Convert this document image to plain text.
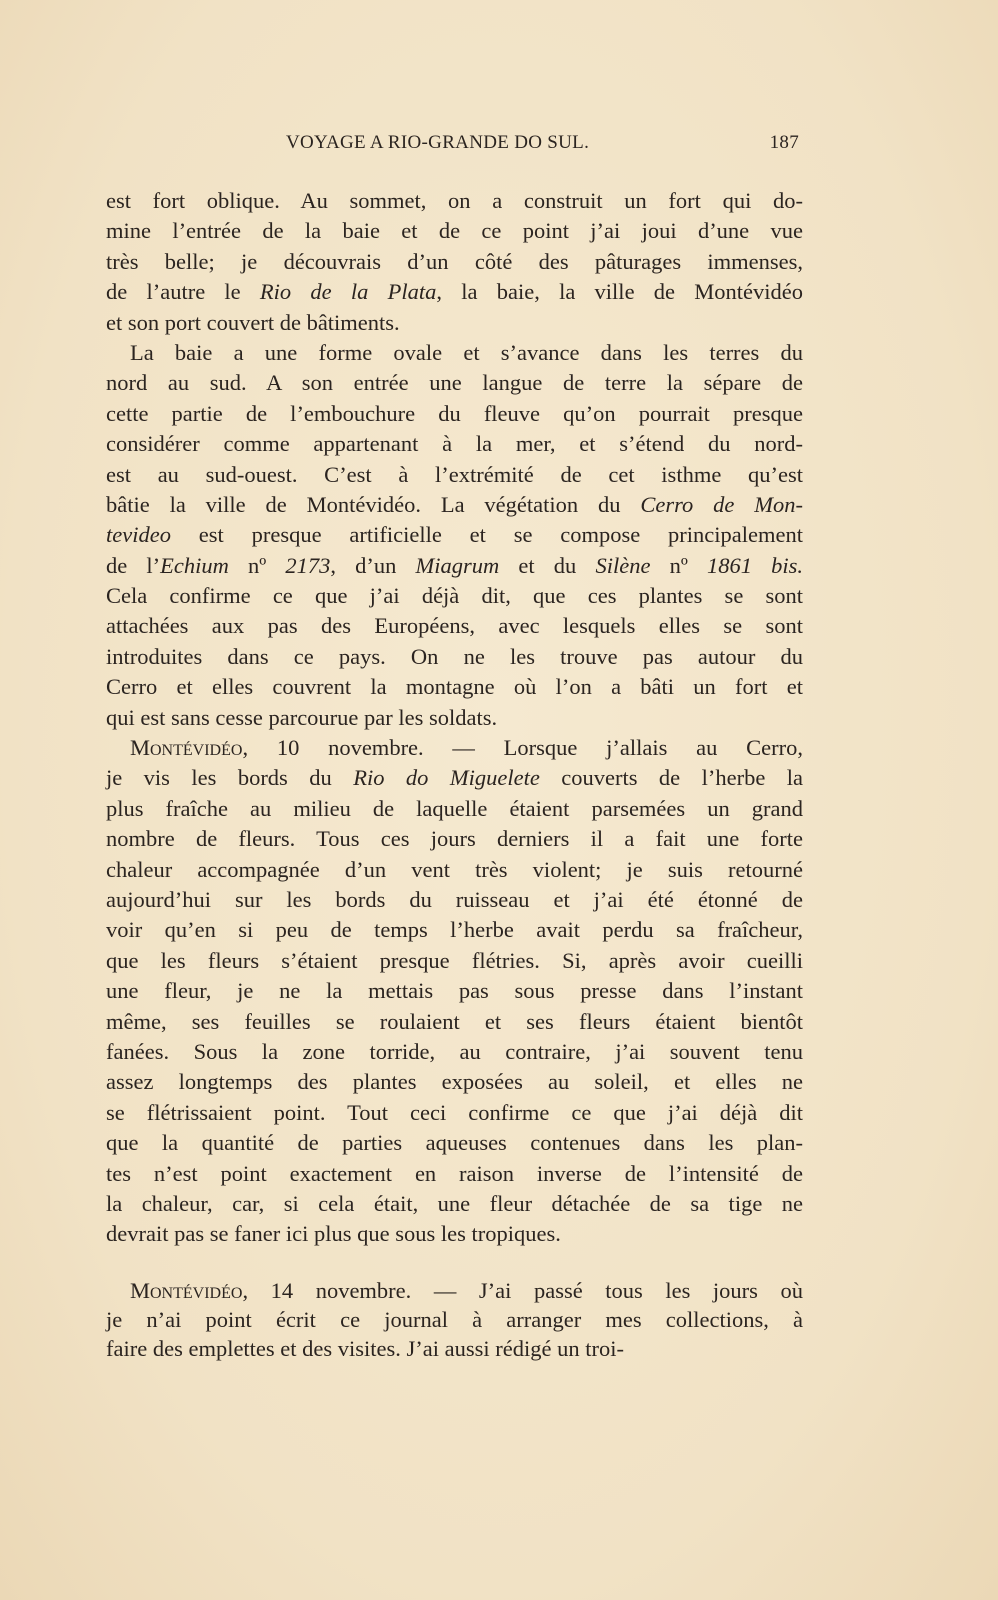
VOYAGE A RIO-GRANDE DO SUL.	187
est fort oblique. Au sommet, on a construit un fort qui do-
mine l’entrée de la baie et de ce point j’ai joui d’une vue
très belle; je découvrais d’un côté des pâturages immenses,
de l’autre le Rio de la Plata, la baie, la ville de Montévidéo
et son port couvert de bâtiments.
La baie a une forme ovale et s’avance dans les terres du
nord au sud. A son entrée une langue de terre la sépare de
cette partie de l’embouchure du fleuve qu’on pourrait presque
considérer comme appartenant à la mer, et s’étend du nord-
est au sud-ouest. C’est à l’extrémité de cet isthme qu’est
bâtie la ville de Montévidéo. La végétation du Cerro de Mon-
tevideo est presque artificielle et se compose principalement
de l’Echium nº 2173, d’un Miagrum et du Silène nº 1861 bis.
Cela confirme ce que j’ai déjà dit, que ces plantes se sont
attachées aux pas des Européens, avec lesquels elles se sont
introduites dans ce pays. On ne les trouve pas autour du
Cerro et elles couvrent la montagne où l’on a bâti un fort et
qui est sans cesse parcourue par les soldats.
Montévidéo, 10 novembre. — Lorsque j’allais au Cerro,
je vis les bords du Rio do Miguelete couverts de l’herbe la
plus fraîche au milieu de laquelle étaient parsemées un grand
nombre de fleurs. Tous ces jours derniers il a fait une forte
chaleur accompagnée d’un vent très violent; je suis retourné
aujourd’hui sur les bords du ruisseau et j’ai été étonné de
voir qu’en si peu de temps l’herbe avait perdu sa fraîcheur,
que les fleurs s’étaient presque flétries. Si, après avoir cueilli
une fleur, je ne la mettais pas sous presse dans l’instant
même, ses feuilles se roulaient et ses fleurs étaient bientôt
fanées. Sous la zone torride, au contraire, j’ai souvent tenu
assez longtemps des plantes exposées au soleil, et elles ne
se flétrissaient point. Tout ceci confirme ce que j’ai déjà dit
que la quantité de parties aqueuses contenues dans les plan-
tes n’est point exactement en raison inverse de l’intensité de
la chaleur, car, si cela était, une fleur détachée de sa tige ne
devrait pas se faner ici plus que sous les tropiques.
Montévidéo, 14 novembre. — J’ai passé tous les jours où
je n’ai point écrit ce journal à arranger mes collections, à
faire des emplettes et des visites. J’ai aussi rédigé un troi-
